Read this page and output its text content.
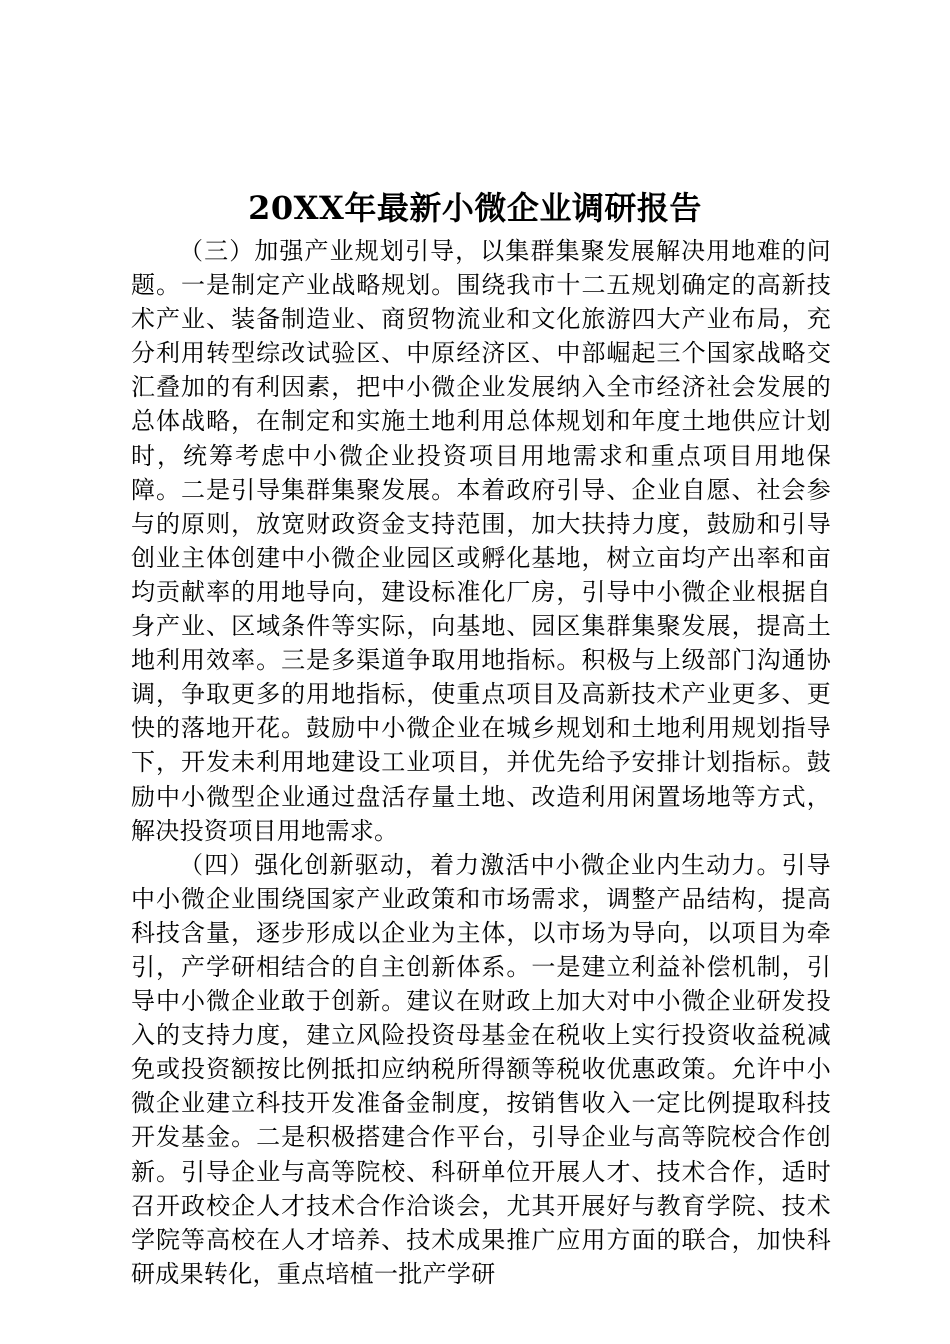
20XX年最新小微企业调研报告

（三）加强产业规划引导，以集群集聚发展解决用地难的问题。一是制定产业战略规划。围绕我市十二五规划确定的高新技术产业、装备制造业、商贸物流业和文化旅游四大产业布局，充分利用转型综改试验区、中原经济区、中部崛起三个国家战略交汇叠加的有利因素，把中小微企业发展纳入全市经济社会发展的总体战略，在制定和实施土地利用总体规划和年度土地供应计划时，统筹考虑中小微企业投资项目用地需求和重点项目用地保障。二是引导集群集聚发展。本着政府引导、企业自愿、社会参与的原则，放宽财政资金支持范围，加大扶持力度，鼓励和引导创业主体创建中小微企业园区或孵化基地，树立亩均产出率和亩均贡献率的用地导向，建设标准化厂房，引导中小微企业根据自身产业、区域条件等实际，向基地、园区集群集聚发展，提高土地利用效率。三是多渠道争取用地指标。积极与上级部门沟通协调，争取更多的用地指标，使重点项目及高新技术产业更多、更快的落地开花。鼓励中小微企业在城乡规划和土地利用规划指导下，开发未利用地建设工业项目，并优先给予安排计划指标。鼓励中小微型企业通过盘活存量土地、改造利用闲置场地等方式，解决投资项目用地需求。

（四）强化创新驱动，着力激活中小微企业内生动力。引导中小微企业围绕国家产业政策和市场需求，调整产品结构，提高科技含量，逐步形成以企业为主体，以市场为导向，以项目为牵引，产学研相结合的自主创新体系。一是建立利益补偿机制，引导中小微企业敢于创新。建议在财政上加大对中小微企业研发投入的支持力度，建立风险投资母基金在税收上实行投资收益税减免或投资额按比例抵扣应纳税所得额等税收优惠政策。允许中小微企业建立科技开发准备金制度，按销售收入一定比例提取科技开发基金。二是积极搭建合作平台，引导企业与高等院校合作创新。引导企业与高等院校、科研单位开展人才、技术合作，适时召开政校企人才技术合作洽谈会，尤其开展好与教育学院、技术学院等高校在人才培养、技术成果推广应用方面的联合，加快科研成果转化，重点培植一批产学研
